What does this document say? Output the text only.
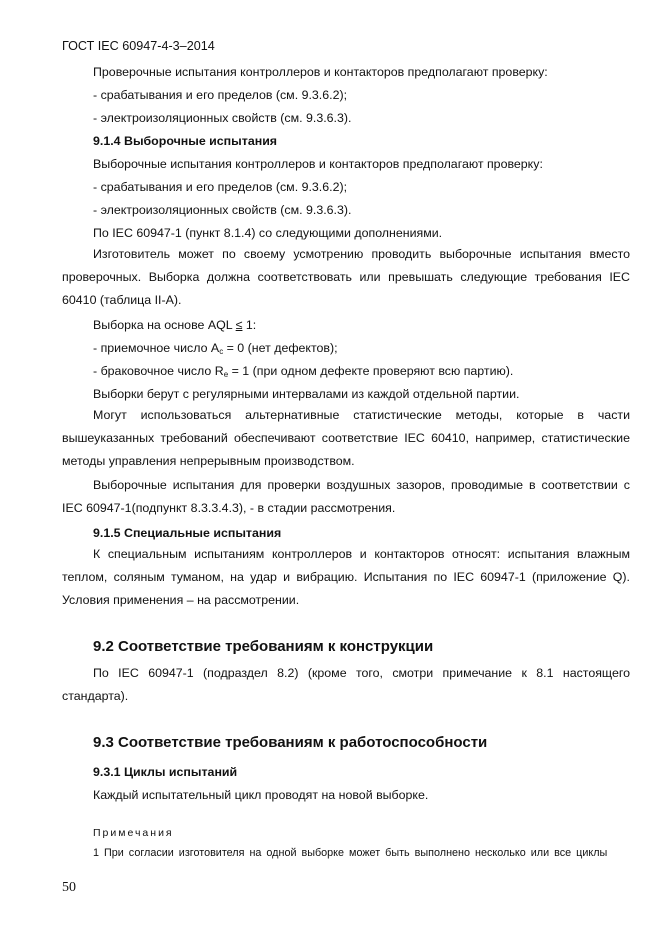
ГОСТ IEC 60947-4-3–2014
Проверочные испытания контроллеров и контакторов предполагают проверку:
- срабатывания и его пределов (см. 9.3.6.2);
- электроизоляционных свойств (см. 9.3.6.3).
9.1.4 Выборочные испытания
Выборочные испытания контроллеров и контакторов предполагают проверку:
- срабатывания и его пределов (см. 9.3.6.2);
- электроизоляционных свойств (см. 9.3.6.3).
По IEC 60947-1 (пункт 8.1.4) со следующими дополнениями.
Изготовитель может по своему усмотрению проводить выборочные испытания вместо проверочных. Выборка должна соответствовать или превышать следующие требования IEC 60410 (таблица II-A).
Выборка на основе AQL ≤ 1:
- приемочное число $A_c = 0$ (нет дефектов);
- браковочное число $R_e = 1$ (при одном дефекте проверяют всю партию).
Выборки берут с регулярными интервалами из каждой отдельной партии.
Могут использоваться альтернативные статистические методы, которые в части вышеуказанных требований обеспечивают соответствие IEC 60410, например, статистические методы управления непрерывным производством.
Выборочные испытания для проверки воздушных зазоров, проводимые в соответствии с IEC 60947-1(подпункт 8.3.3.4.3), - в стадии рассмотрения.
9.1.5 Специальные испытания
К специальным испытаниям контроллеров и контакторов относят: испытания влажным теплом, соляным туманом, на удар и вибрацию. Испытания по IEC 60947-1 (приложение Q). Условия применения – на рассмотрении.
9.2 Соответствие требованиям к конструкции
По IEC 60947-1 (подраздел 8.2) (кроме того, смотри примечание к 8.1 настоящего стандарта).
9.3 Соответствие требованиям к работоспособности
9.3.1 Циклы испытаний
Каждый испытательный цикл проводят на новой выборке.
Примечания
1 При согласии изготовителя на одной выборке может быть выполнено несколько или все циклы
50
